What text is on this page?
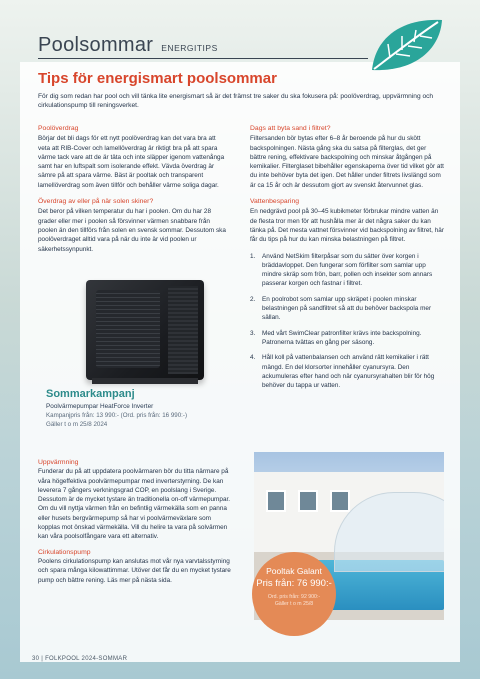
Poolsommar ENERGITIPS
Tips för energismart poolsommar
För dig som redan har pool och vill tänka lite energismart så är det främst tre saker du ska fokusera på: poolöverdrag, uppvärmning och cirkulationspump till reningsverket.
Poolöverdrag

Börjar det bli dags för ett nytt poolöverdrag kan det vara bra att veta att RIB-Cover och lamellöverdrag är riktigt bra på att spara värme tack vare att de är täta och inte släpper igenom vattenånga samt har en luftspalt som isolerande effekt. Vävda överdrag är sämre på att spara värme. Bäst är pooltak och transparent lamellöverdrag som även tillför och behåller värme soliga dagar.

Överdrag av eller på när solen skiner?

Det beror på vilken temperatur du har i poolen. Om du har 28 grader eller mer i poolen så försvinner värmen snabbare från poolen än den tillförs från solen en svensk sommar. Dessutom ska poolöverdraget alltid vara på när du inte är vid poolen ur säkerhetssynpunkt.

Dags att byta sand i filtret?

Filtersanden bör bytas efter 6–8 år beroende på hur du skött backspolningen. Nästa gång ska du satsa på filterglas, det ger bättre rening, effektivare backspolning och minskar åtgången på kemikalier. Filterglaset bibehåller egenskaperna över tid vilket gör att du inte behöver byta det igen. Det håller under filtrets livslängd som är ca 15 år och är dessutom gjort av svenskt återvunnet glas.

Vattenbesparing

En nedgrävd pool på 30–45 kubikmeter förbrukar mindre vatten än de flesta tror men för att hushålla mer är det några saker du kan tänka på. Det mesta vattnet försvinner vid backspolning av filtret, här får du tips på hur du kan minska belastningen på filtret.

1.	Använd NetSkim filterpåsar som du sätter över korgen i bräddavloppet. Den fungerar som förfilter som samlar upp mindre skräp som frön, barr, pollen och insekter som annars passerar korgen och fastnar i filtret.
2.	En poolrobot som samlar upp skräpet i poolen minskar belastningen på sandfiltret så att du behöver backspola mer sällan.
3.	Med vårt SwimClear patronfilter krävs inte backspolning. Patronerna tvättas en gång per säsong.
4.	Håll koll på vattenbalansen och använd rätt kemikalier i rätt mängd. En del klorsorter innehåller cyanursyra. Den ackumuleras efter hand och när cyanursyrahalten blir för hög behöver du tappa ur vatten.
Sommarkampanj
Poolvärmepumpar HeatForce Inverter
Kampanjpris från: 13 990:- (Ord. pris från: 16 990:-)
Gäller t o m 25/8 2024
Uppvärmning

Funderar du på att uppdatera poolvärmaren bör du titta närmare på våra högeffektiva poolvärmepumpar med inverterstyrning. De kan leverera 7 gångers verkningsgrad COP, en poolslang i Sverige. Dessutom är de mycket tystare än traditionella on-off värmepumpar. Om du vill nyttja värmen från en befintlig värmekälla som en panna eller husets bergvärmepump så har vi poolvärmeväxlare som kopplas mot önskad värmekälla. Vill du helire ta vara på solvärmen kan våra poolsolfångare vara ett alternativ.

Cirkulationspump

Poolens cirkulationspump kan anslutas mot vår nya varvtalsstyrning och spara många kilowattimmar. Utöver det får du en mycket tystare pump och bättre rening. Läs mer på nästa sida.

Pooltak Galant
Pris från: 76 990:-
Ord. pris från: 92 900:-
Gäller t o m 25/8
30 | FOLKPOOL 2024-SOMMAR
